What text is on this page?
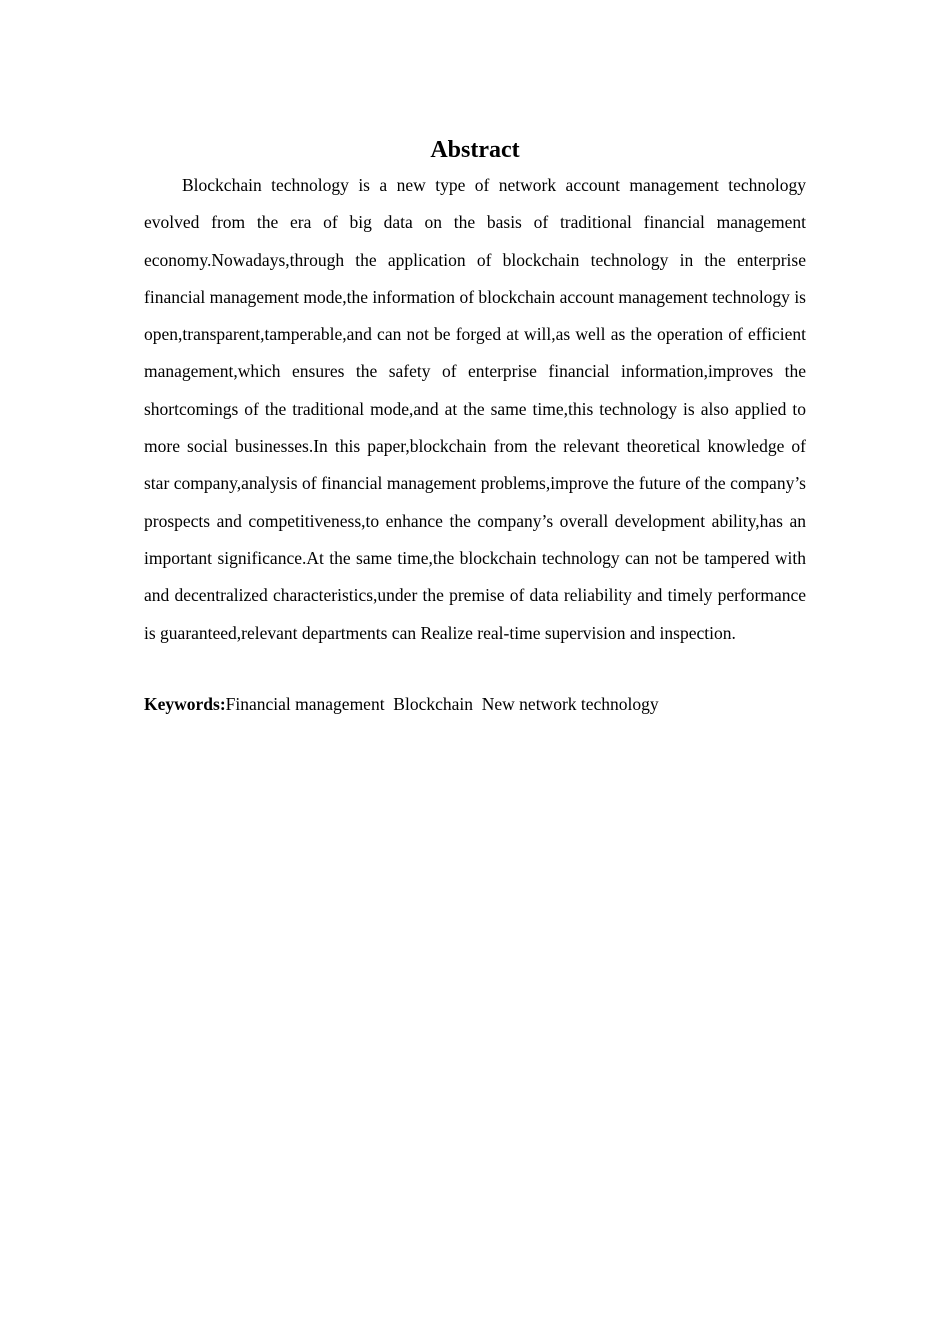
Abstract

Blockchain technology is a new type of network account management technology evolved from the era of big data on the basis of traditional financial management economy.Nowadays,through the application of blockchain technology in the enterprise financial management mode,the information of blockchain account management technology is open,transparent,tamperable,and can not be forged at will,as well as the operation of efficient management,which ensures the safety of enterprise financial information,improves the shortcomings of the traditional mode,and at the same time,this technology is also applied to more social businesses.In this paper,blockchain from the relevant theoretical knowledge of star company,analysis of financial management problems,improve the future of the company’s prospects and competitiveness,to enhance the company’s overall development ability,has an important significance.At the same time,the blockchain technology can not be tampered with and decentralized characteristics,under the premise of data reliability and timely performance is guaranteed,relevant departments can Realize real-time supervision and inspection.

Keywords:Financial management  Blockchain  New network technology
